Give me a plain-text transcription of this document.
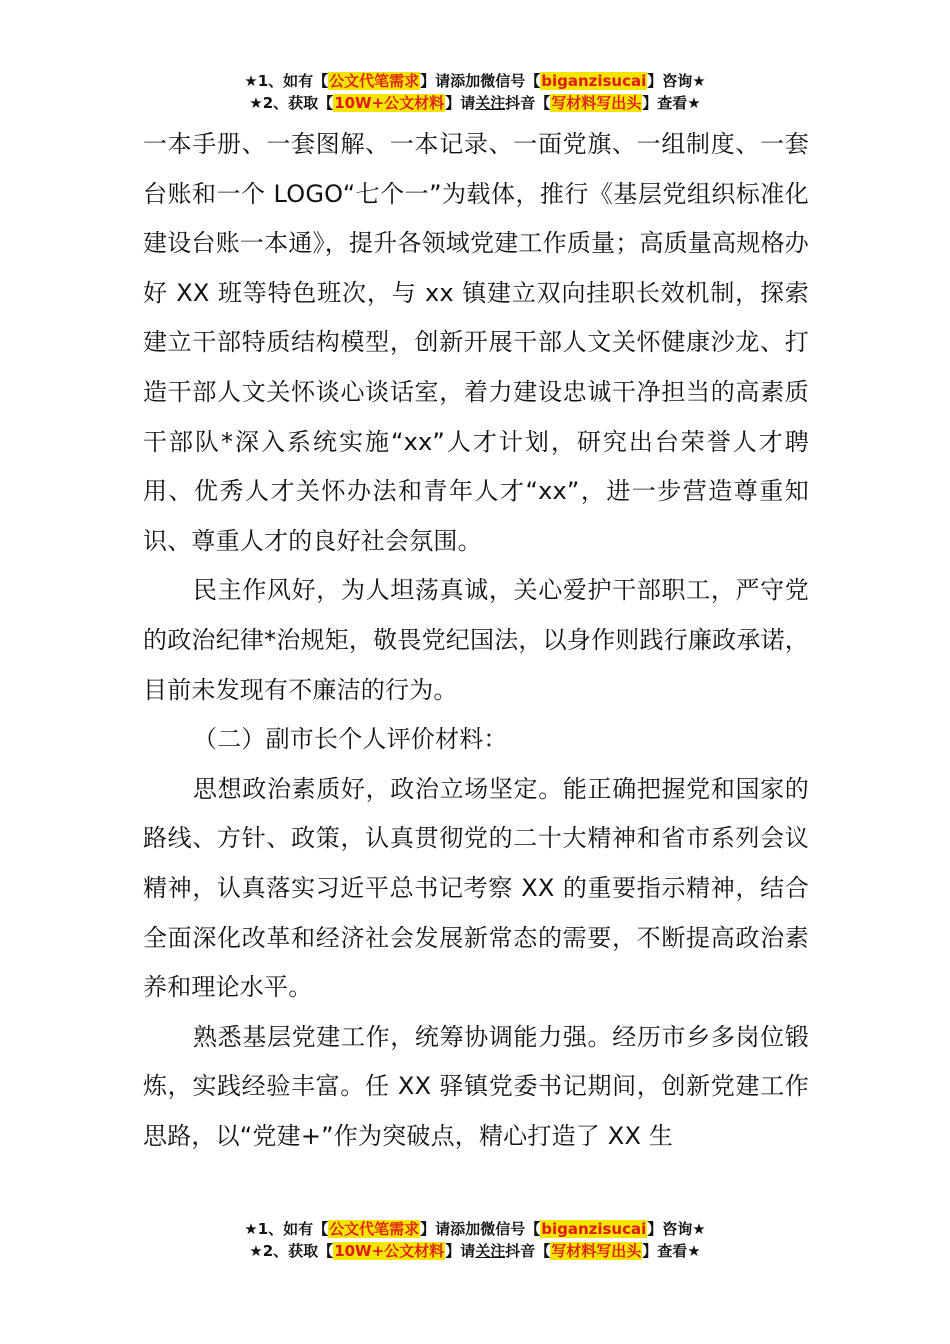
★1、如有【公文代笔需求】请添加微信号【biganzisucai】咨询★
★2、获取【10W+公文材料】请关注抖音【写材料写出头】查看★

一本手册、一套图解、一本记录、一面党旗、一组制度、一套台账和一个 LOGO“七个一”为载体，推行《基层党组织标准化建设台账一本通》，提升各领域党建工作质量；高质量高规格办好 XX 班等特色班次，与 xx 镇建立双向挂职长效机制，探索建立干部特质结构模型，创新开展干部人文关怀健康沙龙、打造干部人文关怀谈心谈话室，着力建设忠诚干净担当的高素质干部队*深入系统实施“xx”人才计划，研究出台荣誉人才聘用、优秀人才关怀办法和青年人才“xx”，进一步营造尊重知识、尊重人才的良好社会氛围。

民主作风好，为人坦荡真诚，关心爱护干部职工，严守党的政治纪律*治规矩，敬畏党纪国法，以身作则践行廉政承诺，目前未发现有不廉洁的行为。

（二）副市长个人评价材料：

思想政治素质好，政治立场坚定。能正确把握党和国家的路线、方针、政策，认真贯彻党的二十大精神和省市系列会议精神，认真落实习近平总书记考察 XX 的重要指示精神，结合全面深化改革和经济社会发展新常态的需要，不断提高政治素养和理论水平。

熟悉基层党建工作，统筹协调能力强。经历市乡多岗位锻炼，实践经验丰富。任 XX 驿镇党委书记期间，创新党建工作思路，以“党建+”作为突破点，精心打造了 XX 生

★1、如有【公文代笔需求】请添加微信号【biganzisucai】咨询★
★2、获取【10W+公文材料】请关注抖音【写材料写出头】查看★
